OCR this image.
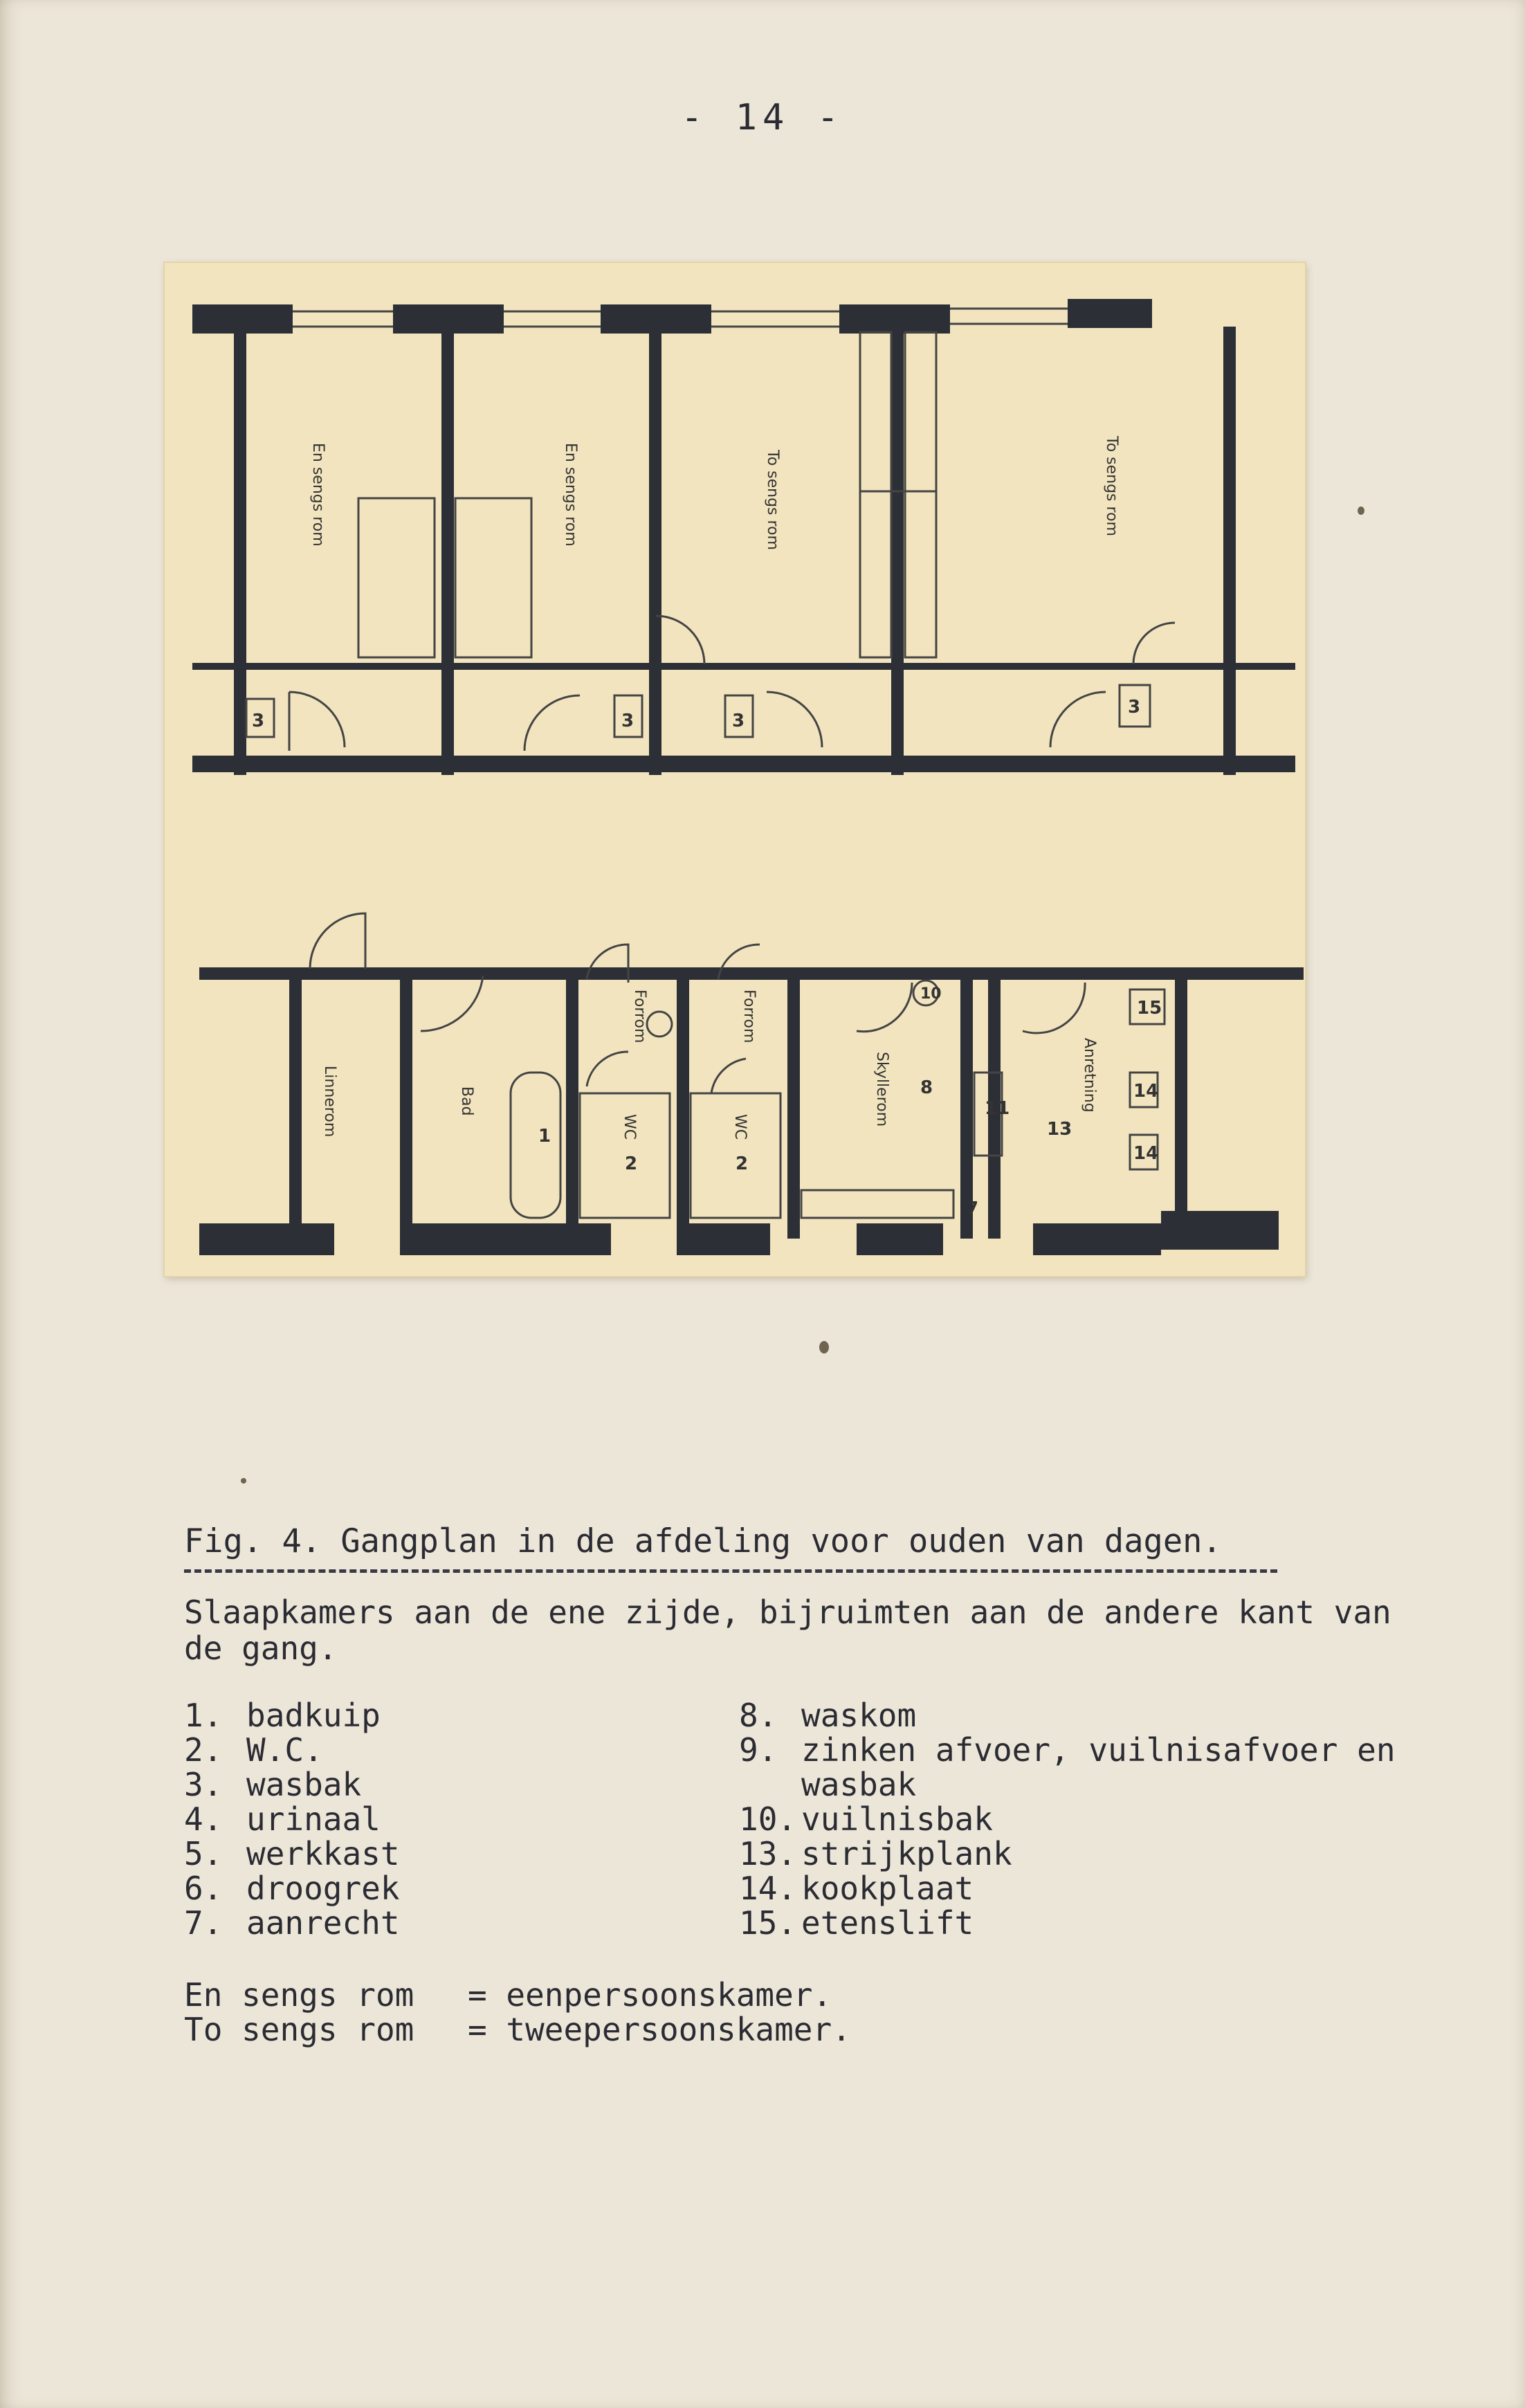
- 14 -
En sengs rom	En sengs rom	To sengs rom	To sengs rom
Linnerom	Bad
Forrom	Forrom
Skyllerom	Anretning
WC	WC
3	3	3
3
1
2	2
7
8
10
15
14
14
13
11
Fig. 4. Gangplan in de afdeling voor ouden van dagen.
Slaapkamers aan de ene zijde, bijruimten aan de andere kant van de gang.
1. badkuip
2. W.C.
3. wasbak
4. urinaal
5. werkkast
6. droogrek
7. aanrecht
8. waskom
9. zinken afvoer, vuilnisafvoer en
wasbak
10. vuilnisbak
13. strijkplank
14. kookplaat
15. etenslift
En sengs rom = eenpersoonskamer.
To sengs rom = tweepersoonskamer.
